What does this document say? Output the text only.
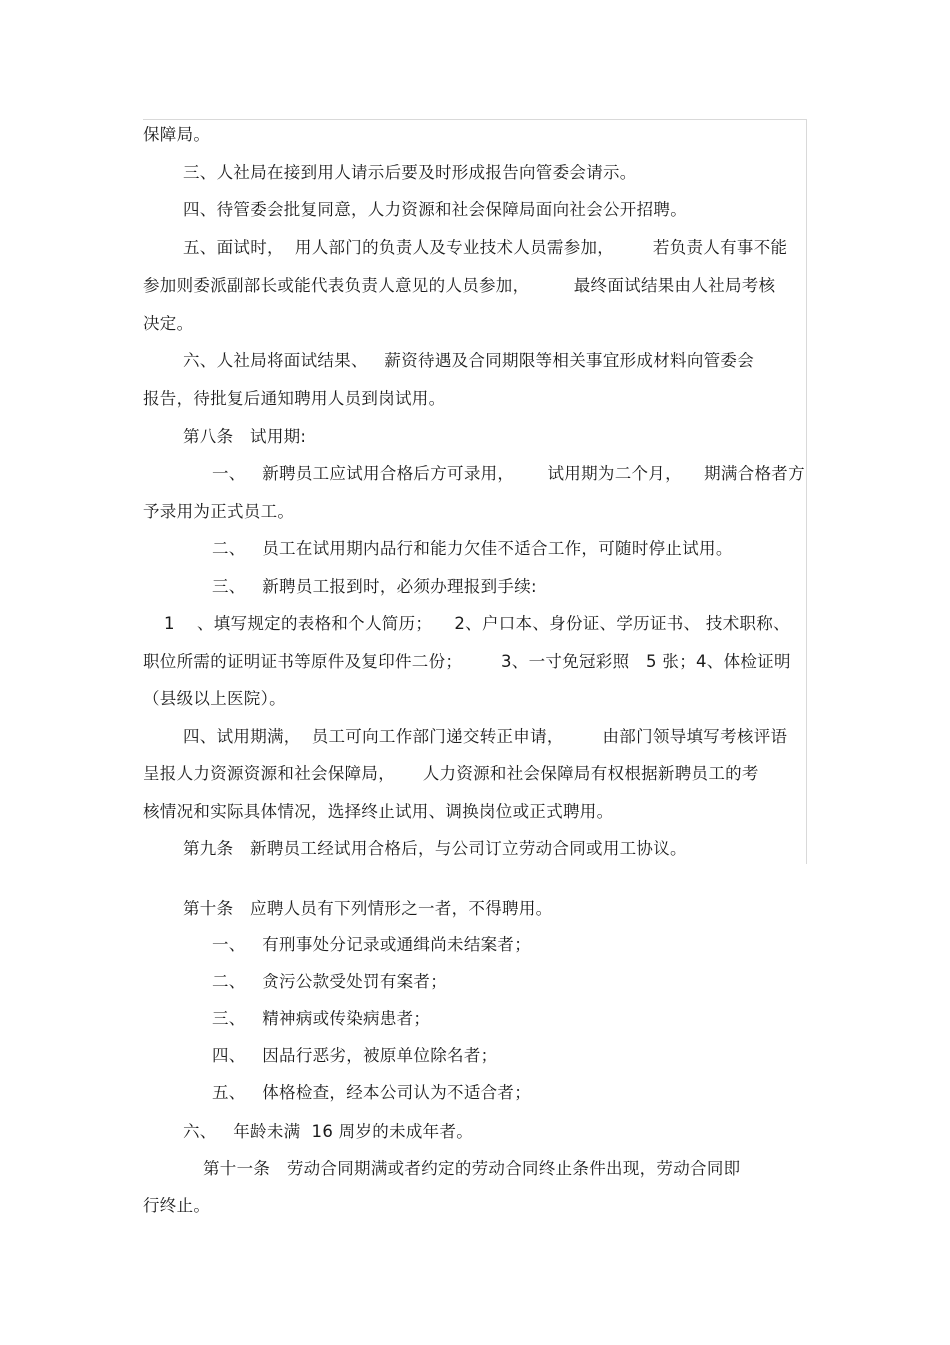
保障局。
三、人社局在接到用人请示后要及时形成报告向管委会请示。
四、待管委会批复同意，人力资源和社会保障局面向社会公开招聘。
五、面试时，  用人部门的负责人及专业技术人员需参加，       若负责人有事不能
参加则委派副部长或能代表负责人意见的人员参加，        最终面试结果由人社局考核
决定。
六、人社局将面试结果、   薪资待遇及合同期限等相关事宜形成材料向管委会
报告，待批复后通知聘用人员到岗试用。
第八条   试用期:
一、   新聘员工应试用合格后方可录用，      试用期为二个月，    期满合格者方
予录用为正式员工。
二、   员工在试用期内品行和能力欠佳不适合工作，可随时停止试用。
三、   新聘员工报到时，必须办理报到手续:
1    、填写规定的表格和个人简历；    2、户口本、身份证、学历证书、 技术职称、
职位所需的证明证书等原件及复印件二份；       3、一寸免冠彩照   5 张；4、体检证明
（县级以上医院）。
四、试用期满，  员工可向工作部门递交转正申请，       由部门领导填写考核评语
呈报人力资源资源和社会保障局，     人力资源和社会保障局有权根据新聘员工的考
核情况和实际具体情况，选择终止试用、调换岗位或正式聘用。
第九条   新聘员工经试用合格后，与公司订立劳动合同或用工协议。
第十条   应聘人员有下列情形之一者，不得聘用。
一、   有刑事处分记录或通缉尚未结案者；
二、   贪污公款受处罚有案者；
三、   精神病或传染病患者；
四、   因品行恶劣，被原单位除名者；
五、   体格检查，经本公司认为不适合者；
六、   年龄未满  16 周岁的未成年者。
第十一条   劳动合同期满或者约定的劳动合同终止条件出现，劳动合同即
行终止。
